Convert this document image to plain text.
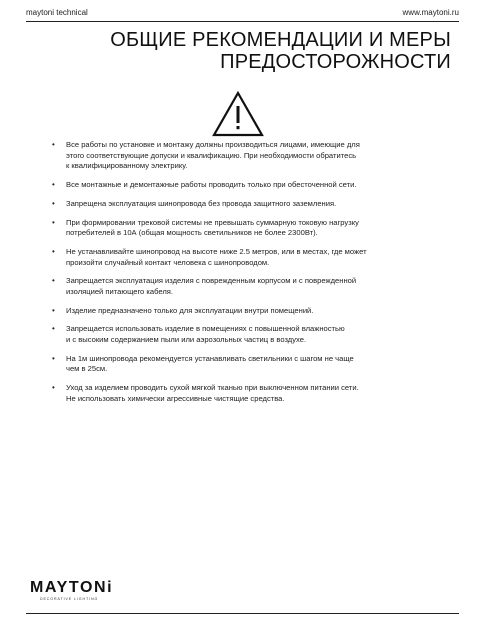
maytoni technical	www.maytoni.ru
ОБЩИЕ РЕКОМЕНДАЦИИ И МЕРЫ
ПРЕДОСТОРОЖНОСТИ
• Все работы по установке и монтажу должны производиться лицами, имеющие для
этого соответствующие допуски и квалификацию. При необходимости обратитесь
к квалифицированному электрику.
• Все монтажные и демонтажные работы проводить только при обесточенной сети.
• Запрещена эксплуатация шинопровода без провода защитного заземления.
• При формировании трековой системы не превышать суммарную токовую нагрузку
потребителей в 10А (общая мощность светильников не более 2300Вт).
• Не устанавливайте шинопровод на высоте ниже 2.5 метров, или в местах, где может
произойти случайный контакт человека с шинопроводом.
• Запрещается эксплуатация изделия с поврежденным корпусом и с поврежденной
изоляцией питающего кабеля.
• Изделие предназначено только для эксплуатации внутри помещений.
• Запрещается использовать изделие в помещениях с повышенной влажностью
и с высоким содержанием пыли или аэрозольных частиц в воздухе.
• На 1м шинопровода рекомендуется устанавливать светильники с шагом не чаще
чем в 25см.
• Уход за изделием проводить сухой мягкой тканью при выключенном питании сети.
Не использовать химически агрессивные чистящие средства.
MAYTONi
DECORATIVE LIGHTING
